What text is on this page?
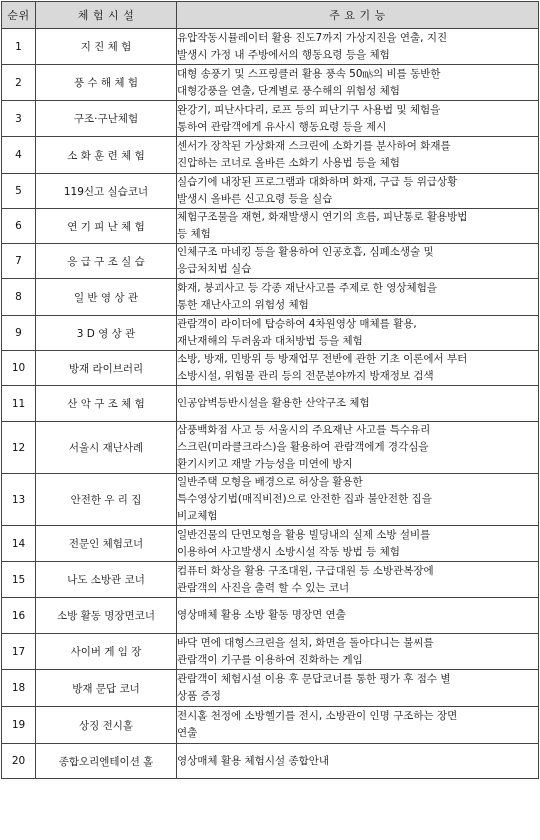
순위	체 험 시 설	주 요 기 능
1	지 진 체 험	유압작동시뮬레이터 활용 진도7까지 가상지진을 연출, 지진
발생시 가정 내 주방에서의 행동요령 등을 체험

2	풍 수 해 체 험	대형 송풍기 및 스프링클러 활용 풍속 50㎧의 비를 동반한
대형강풍을 연출, 단계별로 풍수해의 위험성 체험

3	구조·구난체험	완강기, 피난사다리, 로프 등의 피난기구 사용법 및 체험을
통하여 관람객에게 유사시 행동요령 등을 제시

4	소 화 훈 련 체 험	센서가 장착된 가상화재 스크린에 소화기를 분사하여 화재를
진압하는 코너로 올바른 소화기 사용법 등을 체험

5	119신고 실습코너	실습기에 내장된 프로그램과 대화하며 화재, 구급 등 위급상황
발생시 올바른 신고요령 등을 실습

6	연 기 피 난 체 험	체험구조물을 재현, 화재발생시 연기의 흐름, 피난통로 활용방법
등 체험

7	응 급 구 조 실 습	인체구조 마네킹 등을 활용하여 인공호흡, 심폐소생술 및
응급처치법 실습

8	일 반 영 상 관	화재, 붕괴사고 등 각종 재난사고를 주제로 한 영상체험을
통한 재난사고의 위험성 체험

9	3 D 영 상 관	관람객이 라이더에 탑승하여 4차원영상 매체를 활용,
재난재해의 두려움과 대처방법 등을 체험

10	방재 라이브러리	소방, 방재, 민방위 등 방재업무 전반에 관한 기초 이론에서 부터
소방시설, 위험물 관리 등의 전문분야까지 방재정보 검색

11	산 악 구 조 체 험	인공암벽등반시설을 활용한 산악구조 체험

12	서울시 재난사례	삼풍백화점 사고 등 서울시의 주요재난 사고를 특수유리
스크린(미라클크라스)을 활용하여 관람객에게 경각심을
환기시키고 재발 가능성을 미연에 방지

13	안전한 우 리 집	일반주택 모형을 배경으로 허상을 활용한
특수영상기법(매직비전)으로 안전한 집과 불안전한 집을
비교체험

14	전문인 체험코너	일반건물의 단면모형을 활용 빌딩내의 실제 소방 설비를
이용하여 사고발생시 소방시설 작동 방법 등 체험

15	나도 소방관 코너	컴퓨터 화상을 활용 구조대원, 구급대원 등 소방관복장에
관람객의 사진을 출력 할 수 있는 코너

16	소방 활동 명장면코너	영상매체 활용 소방 활동 명장면 연출

17	사이버 게 임 장	바닥 면에 대형스크린을 설치, 화면을 돌아다니는 불씨를
관람객이 기구를 이용하여 진화하는 게임

18	방재 문답 코너	관람객이 체험시설 이용 후 문답코너를 통한 평가 후 점수 별
상품 증정

19	상징 전시홀	전시홀 천정에 소방헬기를 전시, 소방관이 인명 구조하는 장면
연출

20	종합오리엔테이션 홀	영상매체 활용 체험시설 종합안내
